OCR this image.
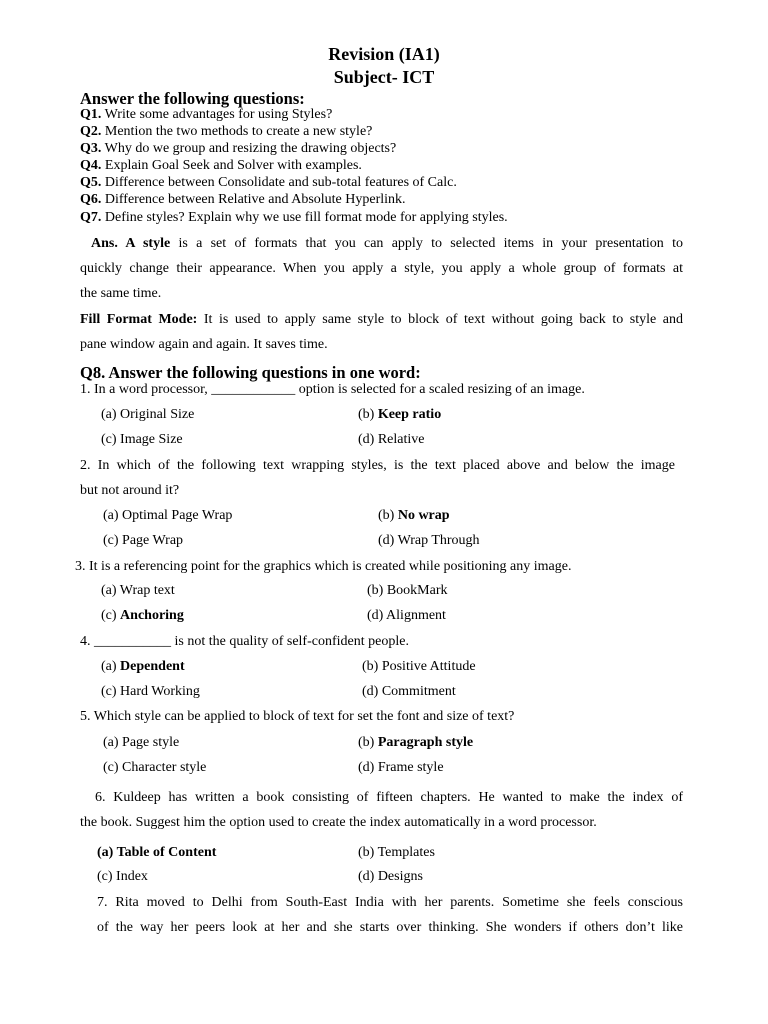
Revision (IA1)
Subject- ICT
Answer the following questions:
Q1. Write some advantages for using Styles?
Q2. Mention the two methods to create a new style?
Q3. Why do we group and resizing the drawing objects?
Q4. Explain Goal Seek and Solver with examples.
Q5. Difference between Consolidate and sub-total features of Calc.
Q6. Difference between Relative and Absolute Hyperlink.
Q7. Define styles? Explain why we use fill format mode for applying styles.
Ans. A style is a set of formats that you can apply to selected items in your presentation to
quickly change their appearance. When you apply a style, you apply a whole group of formats at
the same time.
Fill Format Mode: It is used to apply same style to block of text without going back to style and
pane window again and again. It saves time.
Q8. Answer the following questions in one word:
1. In a word processor, ____________ option is selected for a scaled resizing of an image.
(a) Original Size	(b) Keep ratio
(c) Image Size	(d) Relative
2. In which of the following text wrapping styles, is the text placed above and below the image
but not around it?
(a) Optimal Page Wrap	(b) No wrap
(c) Page Wrap	(d) Wrap Through
3. It is a referencing point for the graphics which is created while positioning any image.
(a) Wrap text	(b) BookMark
(c) Anchoring	(d) Alignment
4. ___________ is not the quality of self-confident people.
(a) Dependent	(b) Positive Attitude
(c) Hard Working	(d) Commitment
5. Which style can be applied to block of text for set the font and size of text?
(a) Page style	(b) Paragraph style
(c) Character style	(d) Frame style
6. Kuldeep has written a book consisting of fifteen chapters. He wanted to make the index of
the book. Suggest him the option used to create the index automatically in a word processor.
(a) Table of Content	(b) Templates
(c) Index	(d) Designs
7. Rita moved to Delhi from South-East India with her parents. Sometime she feels conscious
of the way her peers look at her and she starts over thinking. She wonders if others don’t like
